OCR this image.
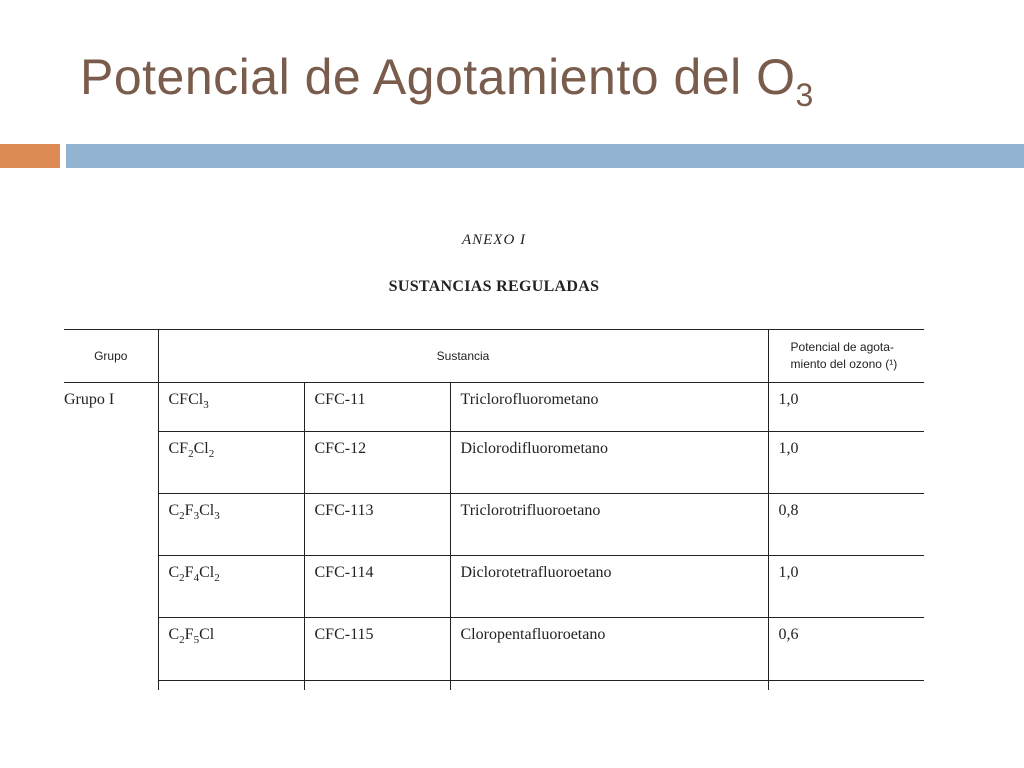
Potencial de Agotamiento del $O_3$
ANEXO I
SUSTANCIAS REGULADAS
Grupo	Sustancia			Potencial de agota-
miento del ozono (¹)

Grupo I	CFCl$_3$	CFC-11	Triclorofluorometano	1,0
	$CF_2Cl_2$	CFC-12	Diclorodifluorometano	1,0
	$C_2F_3Cl_3$	CFC-113	Triclorotrifluoroetano	0,8
	$C_2F_4Cl_2$	CFC-114	Diclorotetrafluoroetano	1,0
	$C_2F_5Cl$	CFC-115	Cloropentafluoroetano	0,6
